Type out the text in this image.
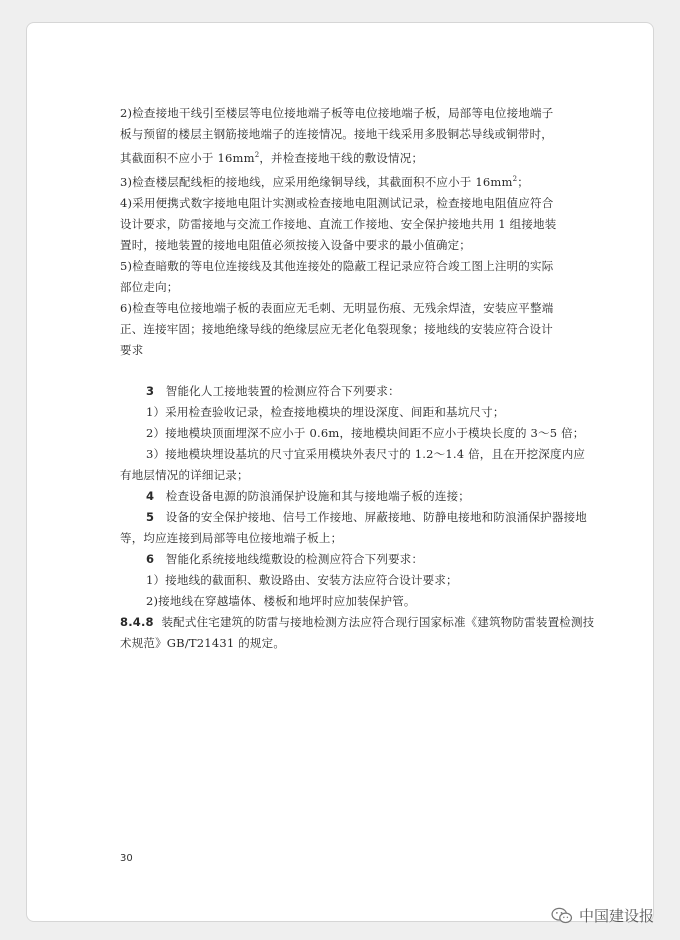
2)检查接地干线引至楼层等电位接地端子板等电位接地端子板，局部等电位接地端子

板与预留的楼层主钢筋接地端子的连接情况。接地干线采用多股铜芯导线或铜带时，

其截面积不应小于 $16mm^2$，并检查接地干线的敷设情况；

3)检查楼层配线柜的接地线，应采用绝缘铜导线，其截面积不应小于 $16mm^2$；

4)采用便携式数字接地电阻计实测或检查接地电阻测试记录，检查接地电阻值应符合

设计要求，防雷接地与交流工作接地、直流工作接地、安全保护接地共用 1 组接地装

置时，接地装置的接地电阻值必须按接入设备中要求的最小值确定；

5)检查暗敷的等电位连接线及其他连接处的隐蔽工程记录应符合竣工图上注明的实际

部位走向；

6)检查等电位接地端子板的表面应无毛刺、无明显伤痕、无残余焊渣，安装应平整端

正、连接牢固；接地绝缘导线的绝缘层应无老化龟裂现象；接地线的安装应符合设计

要求

3 智能化人工接地装置的检测应符合下列要求：

1）采用检查验收记录，检查接地模块的埋设深度、间距和基坑尺寸；

2）接地模块顶面埋深不应小于 0.6m，接地模块间距不应小于模块长度的 3～5 倍；

3）接地模块埋设基坑的尺寸宜采用模块外表尺寸的 1.2～1.4 倍，且在开挖深度内应

有地层情况的详细记录；

4 检查设备电源的防浪涌保护设施和其与接地端子板的连接；

5 设备的安全保护接地、信号工作接地、屏蔽接地、防静电接地和防浪涌保护器接地

等，均应连接到局部等电位接地端子板上；

6 智能化系统接地线缆敷设的检测应符合下列要求：

1）接地线的截面积、敷设路由、安装方法应符合设计要求；

2)接地线在穿越墙体、楼板和地坪时应加装保护管。

8.4.8 装配式住宅建筑的防雷与接地检测方法应符合现行国家标准《建筑物防雷装置检测技

术规范》GB/T21431 的规定。

30
中国建设报
